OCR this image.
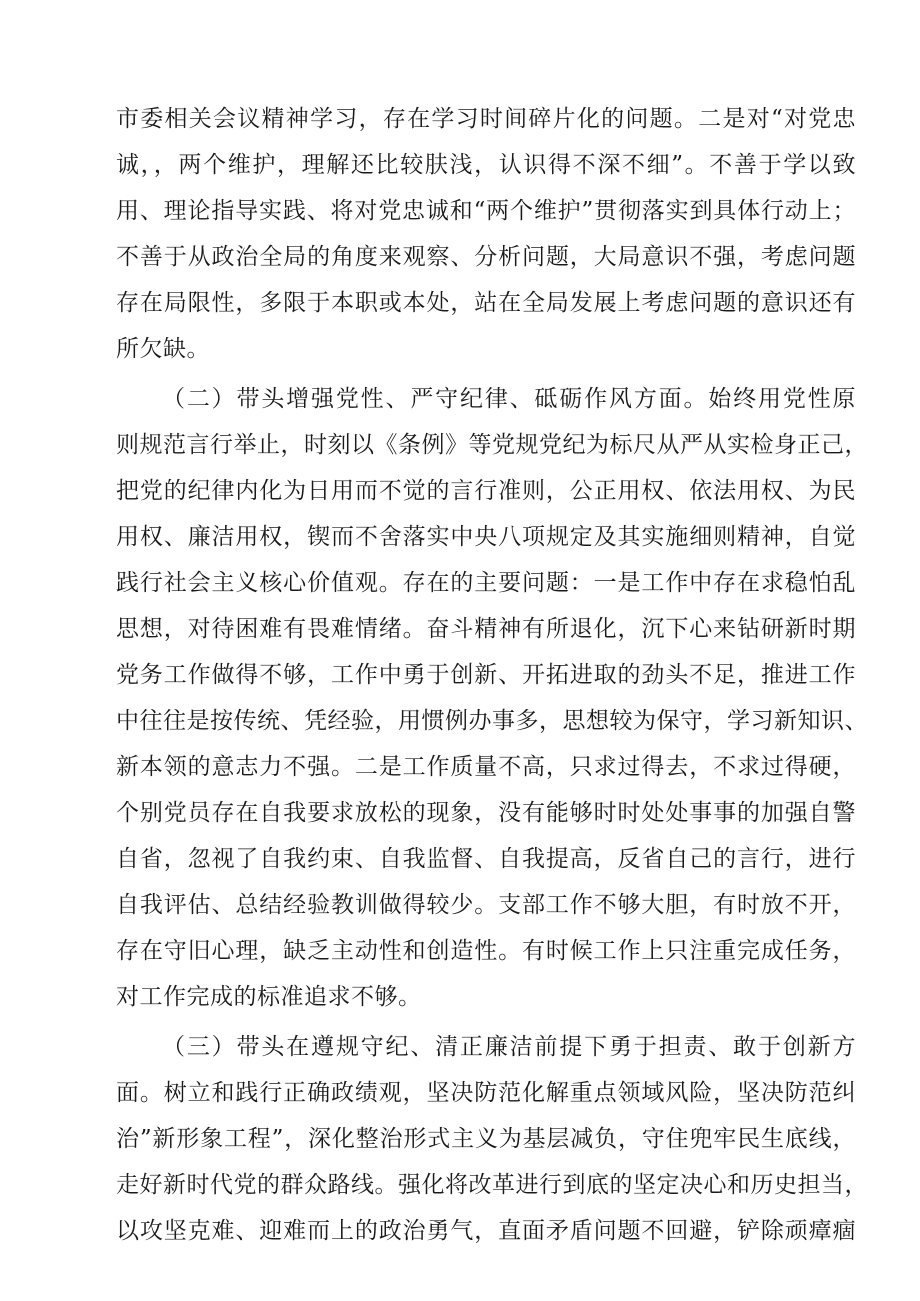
市委相关会议精神学习，存在学习时间碎片化的问题。二是对“对党忠
诚，，两个维护，理解还比较肤浅，认识得不深不细”。不善于学以致
用、理论指导实践、将对党忠诚和“两个维护”贯彻落实到具体行动上；
不善于从政治全局的角度来观察、分析问题，大局意识不强，考虑问题
存在局限性，多限于本职或本处，站在全局发展上考虑问题的意识还有
所欠缺。
（二）带头增强党性、严守纪律、砥砺作风方面。始终用党性原
则规范言行举止，时刻以《条例》等党规党纪为标尺从严从实检身正己，
把党的纪律内化为日用而不觉的言行准则，公正用权、依法用权、为民
用权、廉洁用权，锲而不舍落实中央八项规定及其实施细则精神，自觉
践行社会主义核心价值观。存在的主要问题：一是工作中存在求稳怕乱
思想，对待困难有畏难情绪。奋斗精神有所退化，沉下心来钻研新时期
党务工作做得不够，工作中勇于创新、开拓进取的劲头不足，推进工作
中往往是按传统、凭经验，用惯例办事多，思想较为保守，学习新知识、
新本领的意志力不强。二是工作质量不高，只求过得去，不求过得硬，
个别党员存在自我要求放松的现象，没有能够时时处处事事的加强自警
自省，忽视了自我约束、自我监督、自我提高，反省自己的言行，进行
自我评估、总结经验教训做得较少。支部工作不够大胆，有时放不开，
存在守旧心理，缺乏主动性和创造性。有时候工作上只注重完成任务，
对工作完成的标准追求不够。
（三）带头在遵规守纪、清正廉洁前提下勇于担责、敢于创新方
面。树立和践行正确政绩观，坚决防范化解重点领域风险，坚决防范纠
治”新形象工程”，深化整治形式主义为基层减负，守住兜牢民生底线，
走好新时代党的群众路线。强化将改革进行到底的坚定决心和历史担当，
以攻坚克难、迎难而上的政治勇气，直面矛盾问题不回避，铲除顽瘴痼
